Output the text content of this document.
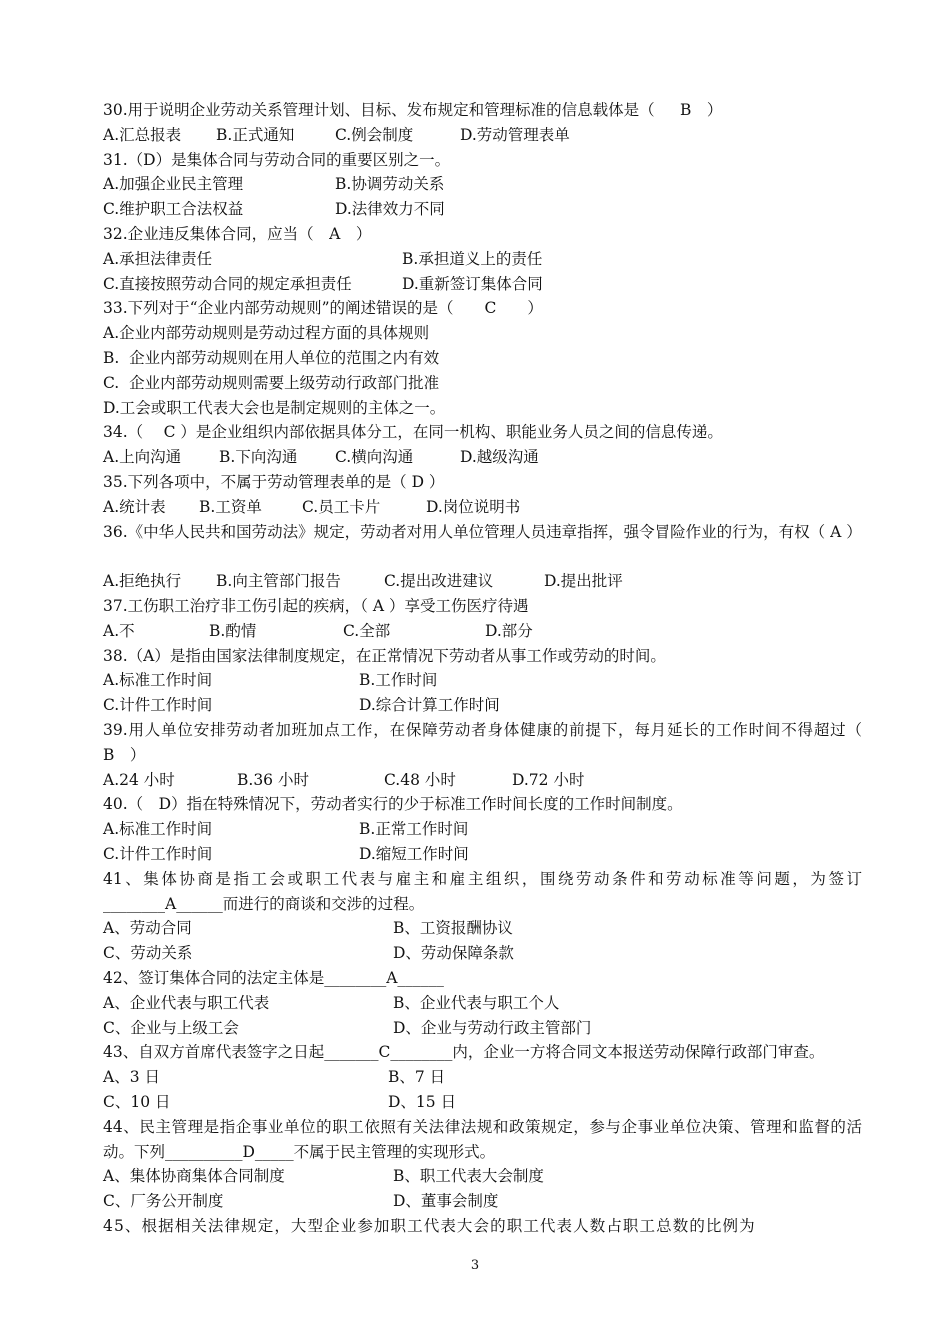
30.用于说明企业劳动关系管理计划、目标、发布规定和管理标准的信息载体是（　  B　）

A.汇总报表

B.正式通知

	C.例会制度

	D.劳动管理表单

31.（D）是集体合同与劳动合同的重要区别之一。

A.加强企业民主管理

	B.协调劳动关系

C.维护职工合法权益

	D.法律效力不同

32.企业违反集体合同，应当（　A　）

A.承担法律责任

	B.承担道义上的责任

C.直接按照劳动合同的规定承担责任

	D.重新签订集体合同

33.下列对于“企业内部劳动规则”的阐述错误的是（　　C　　）
A.企业内部劳动规则是劳动过程方面的具体规则
B.  企业内部劳动规则在用人单位的范围之内有效
C.  企业内部劳动规则需要上级劳动行政部门批准
D.工会或职工代表大会也是制定规则的主体之一。
34.（　 C ）是企业组织内部依据具体分工，在同一机构、职能业务人员之间的信息传递。

A.上向沟通

B.下向沟通

C.横向沟通

	D.越级沟通

35.下列各项中，不属于劳动管理表单的是（ D ）

A.统计表

B.工资单

	C.员工卡片

	D.岗位说明书

36.《中华人民共和国劳动法》规定，劳动者对用人单位管理人员违章指挥，强令冒险作业的行为，有权（ A ）

A.拒绝执行

B.向主管部门报告

	C.提出改进建议

	D.提出批评

37.工伤职工治疗非工伤引起的疾病，（ A ）享受工伤医疗待遇

A.不

	B.酌情

	C.全部

	D.部分

38.（A）是指由国家法律制度规定，在正常情况下劳动者从事工作或劳动的时间。

A.标准工作时间

	B.工作时间

C.计件工作时间

	D.综合计算工作时间

39.用人单位安排劳动者加班加点工作，在保障劳动者身体健康的前提下，每月延长的工作时间不得超过（　B　）

A.24 小时

	B.36 小时

	C.48 小时

	D.72 小时

40.（　D）指在特殊情况下，劳动者实行的少于标准工作时间长度的工作时间制度。

A.标准工作时间

	B.正常工作时间

C.计件工作时间

	D.缩短工作时间

41、集体协商是指工会或职工代表与雇主和雇主组织，围绕劳动条件和劳动标准等问题，为签订________A______而进行的商谈和交涉的过程。

A、劳动合同

	B、工资报酬协议

C、劳动关系

	D、劳动保障条款

42、签订集体合同的法定主体是________A______

A、企业代表与职工代表

	B、企业代表与职工个人

C、企业与上级工会

	D、企业与劳动行政主管部门

43、自双方首席代表签字之日起_______C________内，企业一方将合同文本报送劳动保障行政部门审查。

A、3 日

	B、7 日

C、10 日

	D、15 日

44、民主管理是指企事业单位的职工依照有关法律法规和政策规定，参与企事业单位决策、管理和监督的活动。下列__________D_____不属于民主管理的实现形式。

A、集体协商集体合同制度

	B、职工代表大会制度

C、厂务公开制度

	D、董事会制度

45、根据相关法律规定，大型企业参加职工代表大会的职工代表人数占职工总数的比例为
3
